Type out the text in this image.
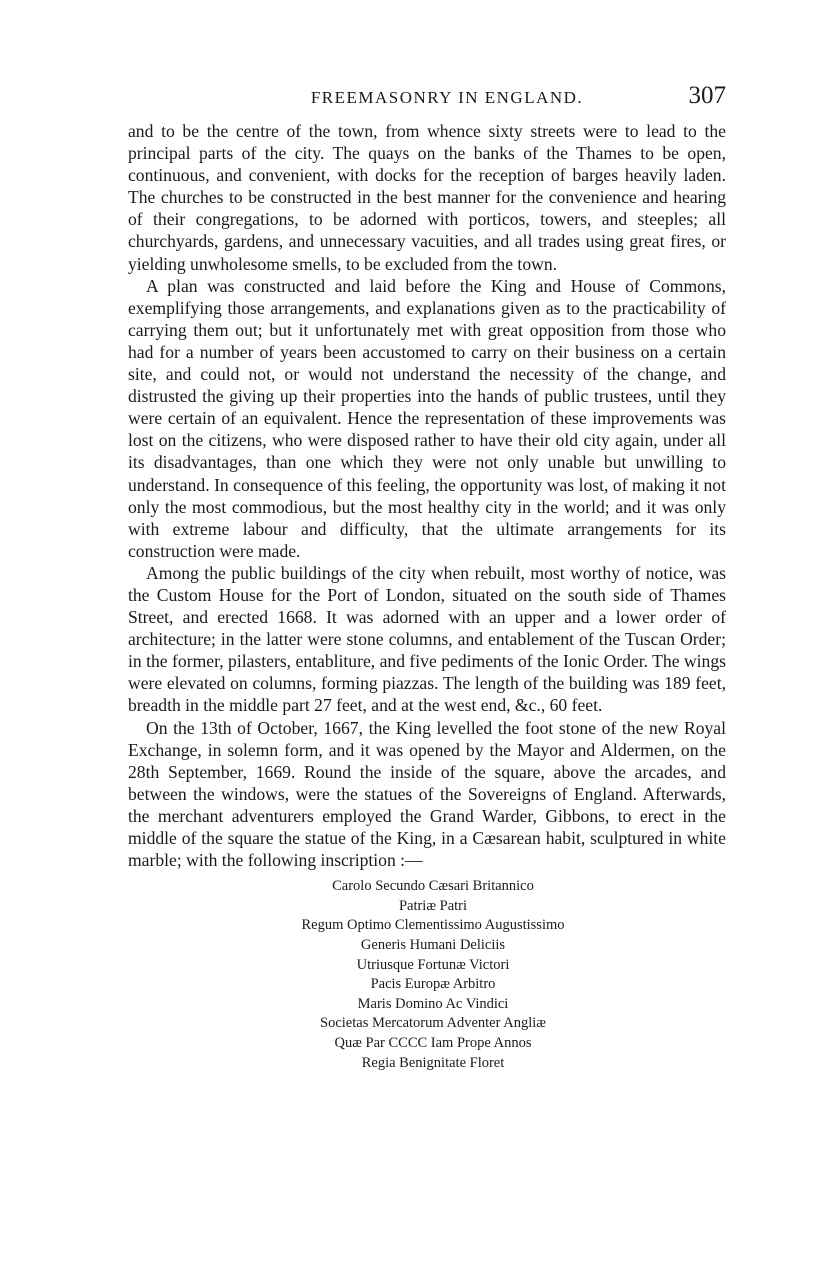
FREEMASONRY IN ENGLAND.	307

and to be the centre of the town, from whence sixty streets were to lead to the principal parts of the city. The quays on the banks of the Thames to be open, continuous, and convenient, with docks for the reception of barges heavily laden. The churches to be constructed in the best manner for the convenience and hearing of their congregations, to be adorned with porticos, towers, and steeples; all churchyards, gardens, and unnecessary vacuities, and all trades using great fires, or yielding unwholesome smells, to be excluded from the town.

A plan was constructed and laid before the King and House of Commons, exemplifying those arrangements, and explanations given as to the practicability of carrying them out; but it unfortunately met with great opposition from those who had for a number of years been accustomed to carry on their business on a certain site, and could not, or would not understand the necessity of the change, and distrusted the giving up their properties into the hands of public trustees, until they were certain of an equivalent. Hence the representation of these improvements was lost on the citizens, who were disposed rather to have their old city again, under all its disadvantages, than one which they were not only unable but unwilling to understand. In consequence of this feeling, the opportunity was lost, of making it not only the most commodious, but the most healthy city in the world; and it was only with extreme labour and difficulty, that the ultimate arrangements for its construction were made.

Among the public buildings of the city when rebuilt, most worthy of notice, was the Custom House for the Port of London, situated on the south side of Thames Street, and erected 1668. It was adorned with an upper and a lower order of architecture; in the latter were stone columns, and entablement of the Tuscan Order; in the former, pilasters, entabliture, and five pediments of the Ionic Order. The wings were elevated on columns, forming piazzas. The length of the building was 189 feet, breadth in the middle part 27 feet, and at the west end, &c., 60 feet.

On the 13th of October, 1667, the King levelled the foot stone of the new Royal Exchange, in solemn form, and it was opened by the Mayor and Aldermen, on the 28th September, 1669. Round the inside of the square, above the arcades, and between the windows, were the statues of the Sovereigns of England. Afterwards, the merchant adventurers employed the Grand Warder, Gibbons, to erect in the middle of the square the statue of the King, in a Cæsarean habit, sculptured in white marble; with the following inscription :—

Carolo Secundo Cæsari Britannico
Patriæ Patri
Regum Optimo Clementissimo Augustissimo
Generis Humani Deliciis
Utriusque Fortunæ Victori
Pacis Europæ Arbitro
Maris Domino Ac Vindici
Societas Mercatorum Adventer Angliæ
Quæ Par CCCC Iam Prope Annos
Regia Benignitate Floret
